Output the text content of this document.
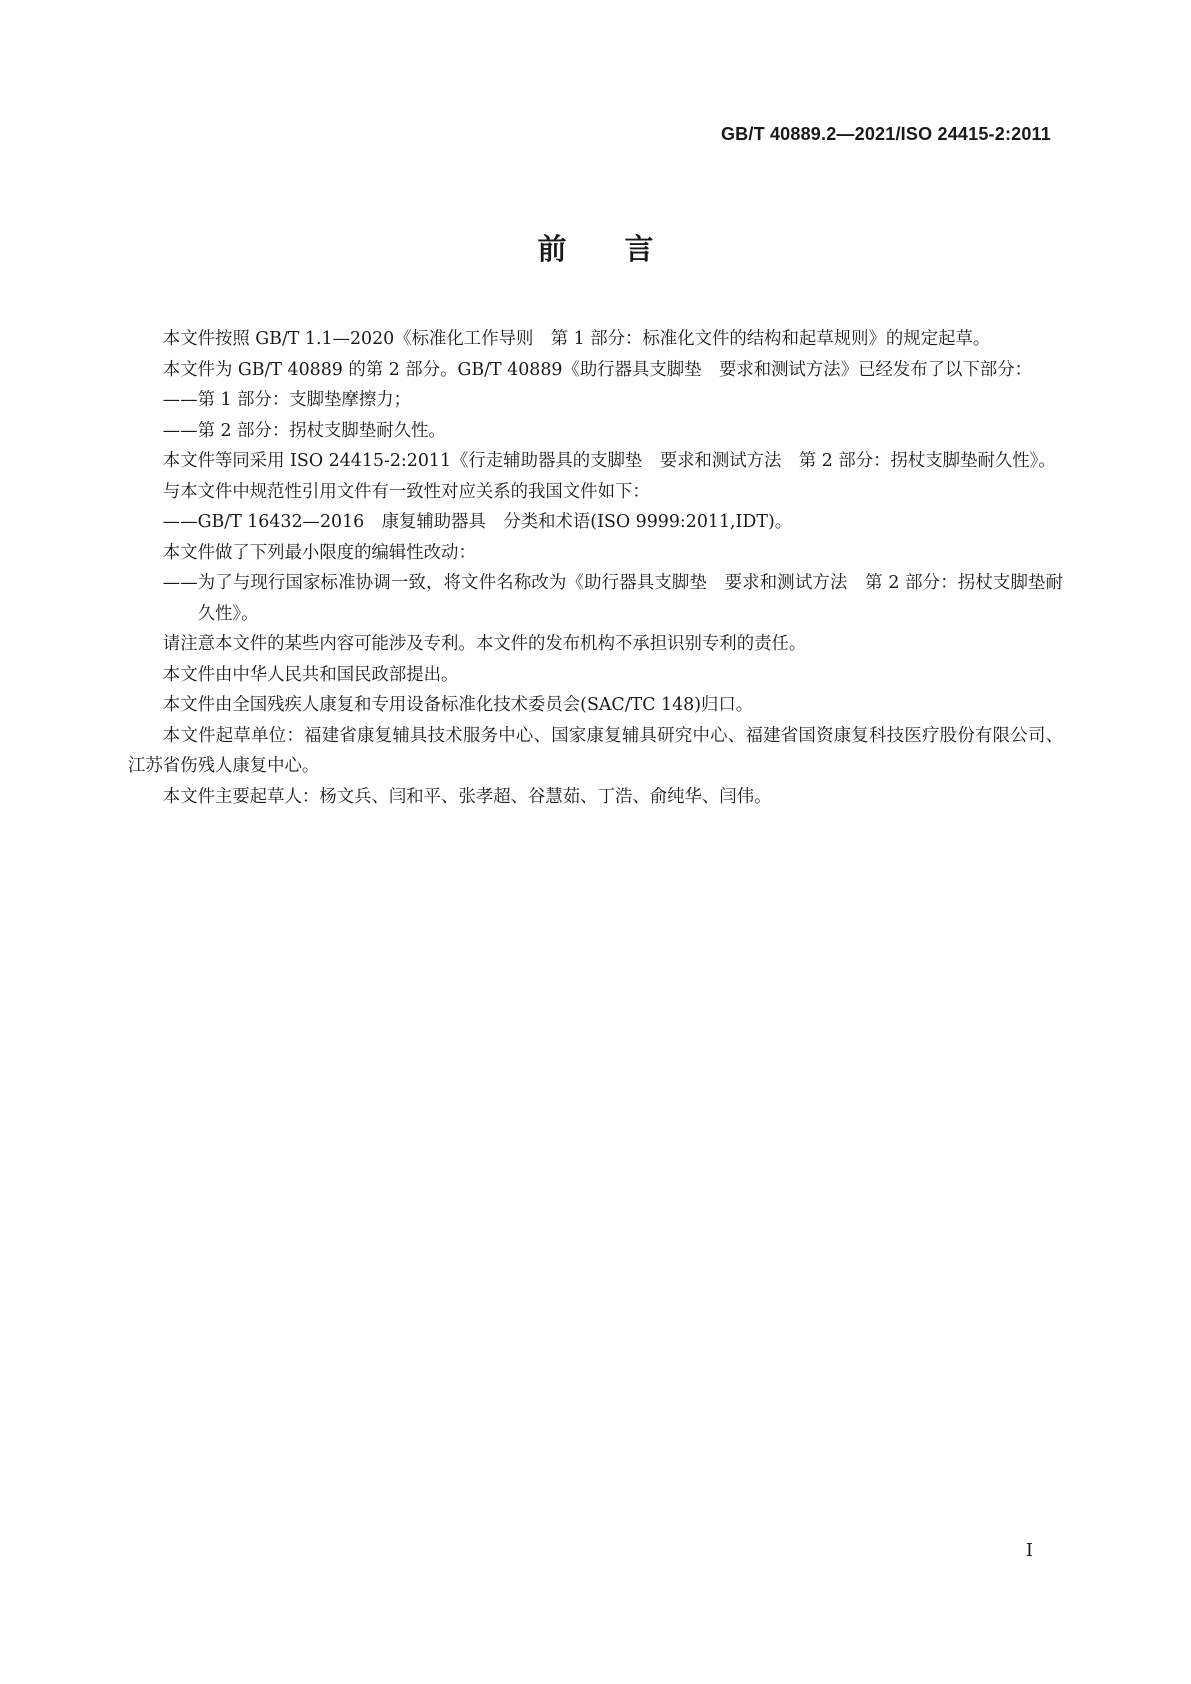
GB/T 40889.2—2021/ISO 24415-2:2011
前言

本文件按照 GB/T 1.1—2020《标准化工作导则　第 1 部分：标准化文件的结构和起草规则》的规定起草。

本文件为 GB/T 40889 的第 2 部分。GB/T 40889《助行器具支脚垫　要求和测试方法》已经发布了以下部分：

——第 1 部分：支脚垫摩擦力；

——第 2 部分：拐杖支脚垫耐久性。

本文件等同采用 ISO 24415-2:2011《行走辅助器具的支脚垫　要求和测试方法　第 2 部分：拐杖支脚垫耐久性》。

与本文件中规范性引用文件有一致性对应关系的我国文件如下：

——GB/T 16432—2016　康复辅助器具　分类和术语(ISO 9999:2011,IDT)。

本文件做了下列最小限度的编辑性改动：

——为了与现行国家标准协调一致，将文件名称改为《助行器具支脚垫　要求和测试方法　第 2 部分：拐杖支脚垫耐久性》。

请注意本文件的某些内容可能涉及专利。本文件的发布机构不承担识别专利的责任。

本文件由中华人民共和国民政部提出。

本文件由全国残疾人康复和专用设备标准化技术委员会(SAC/TC 148)归口。

本文件起草单位：福建省康复辅具技术服务中心、国家康复辅具研究中心、福建省国资康复科技医疗股份有限公司、江苏省伤残人康复中心。

本文件主要起草人：杨文兵、闫和平、张孝超、谷慧茹、丁浩、俞纯华、闫伟。

I
